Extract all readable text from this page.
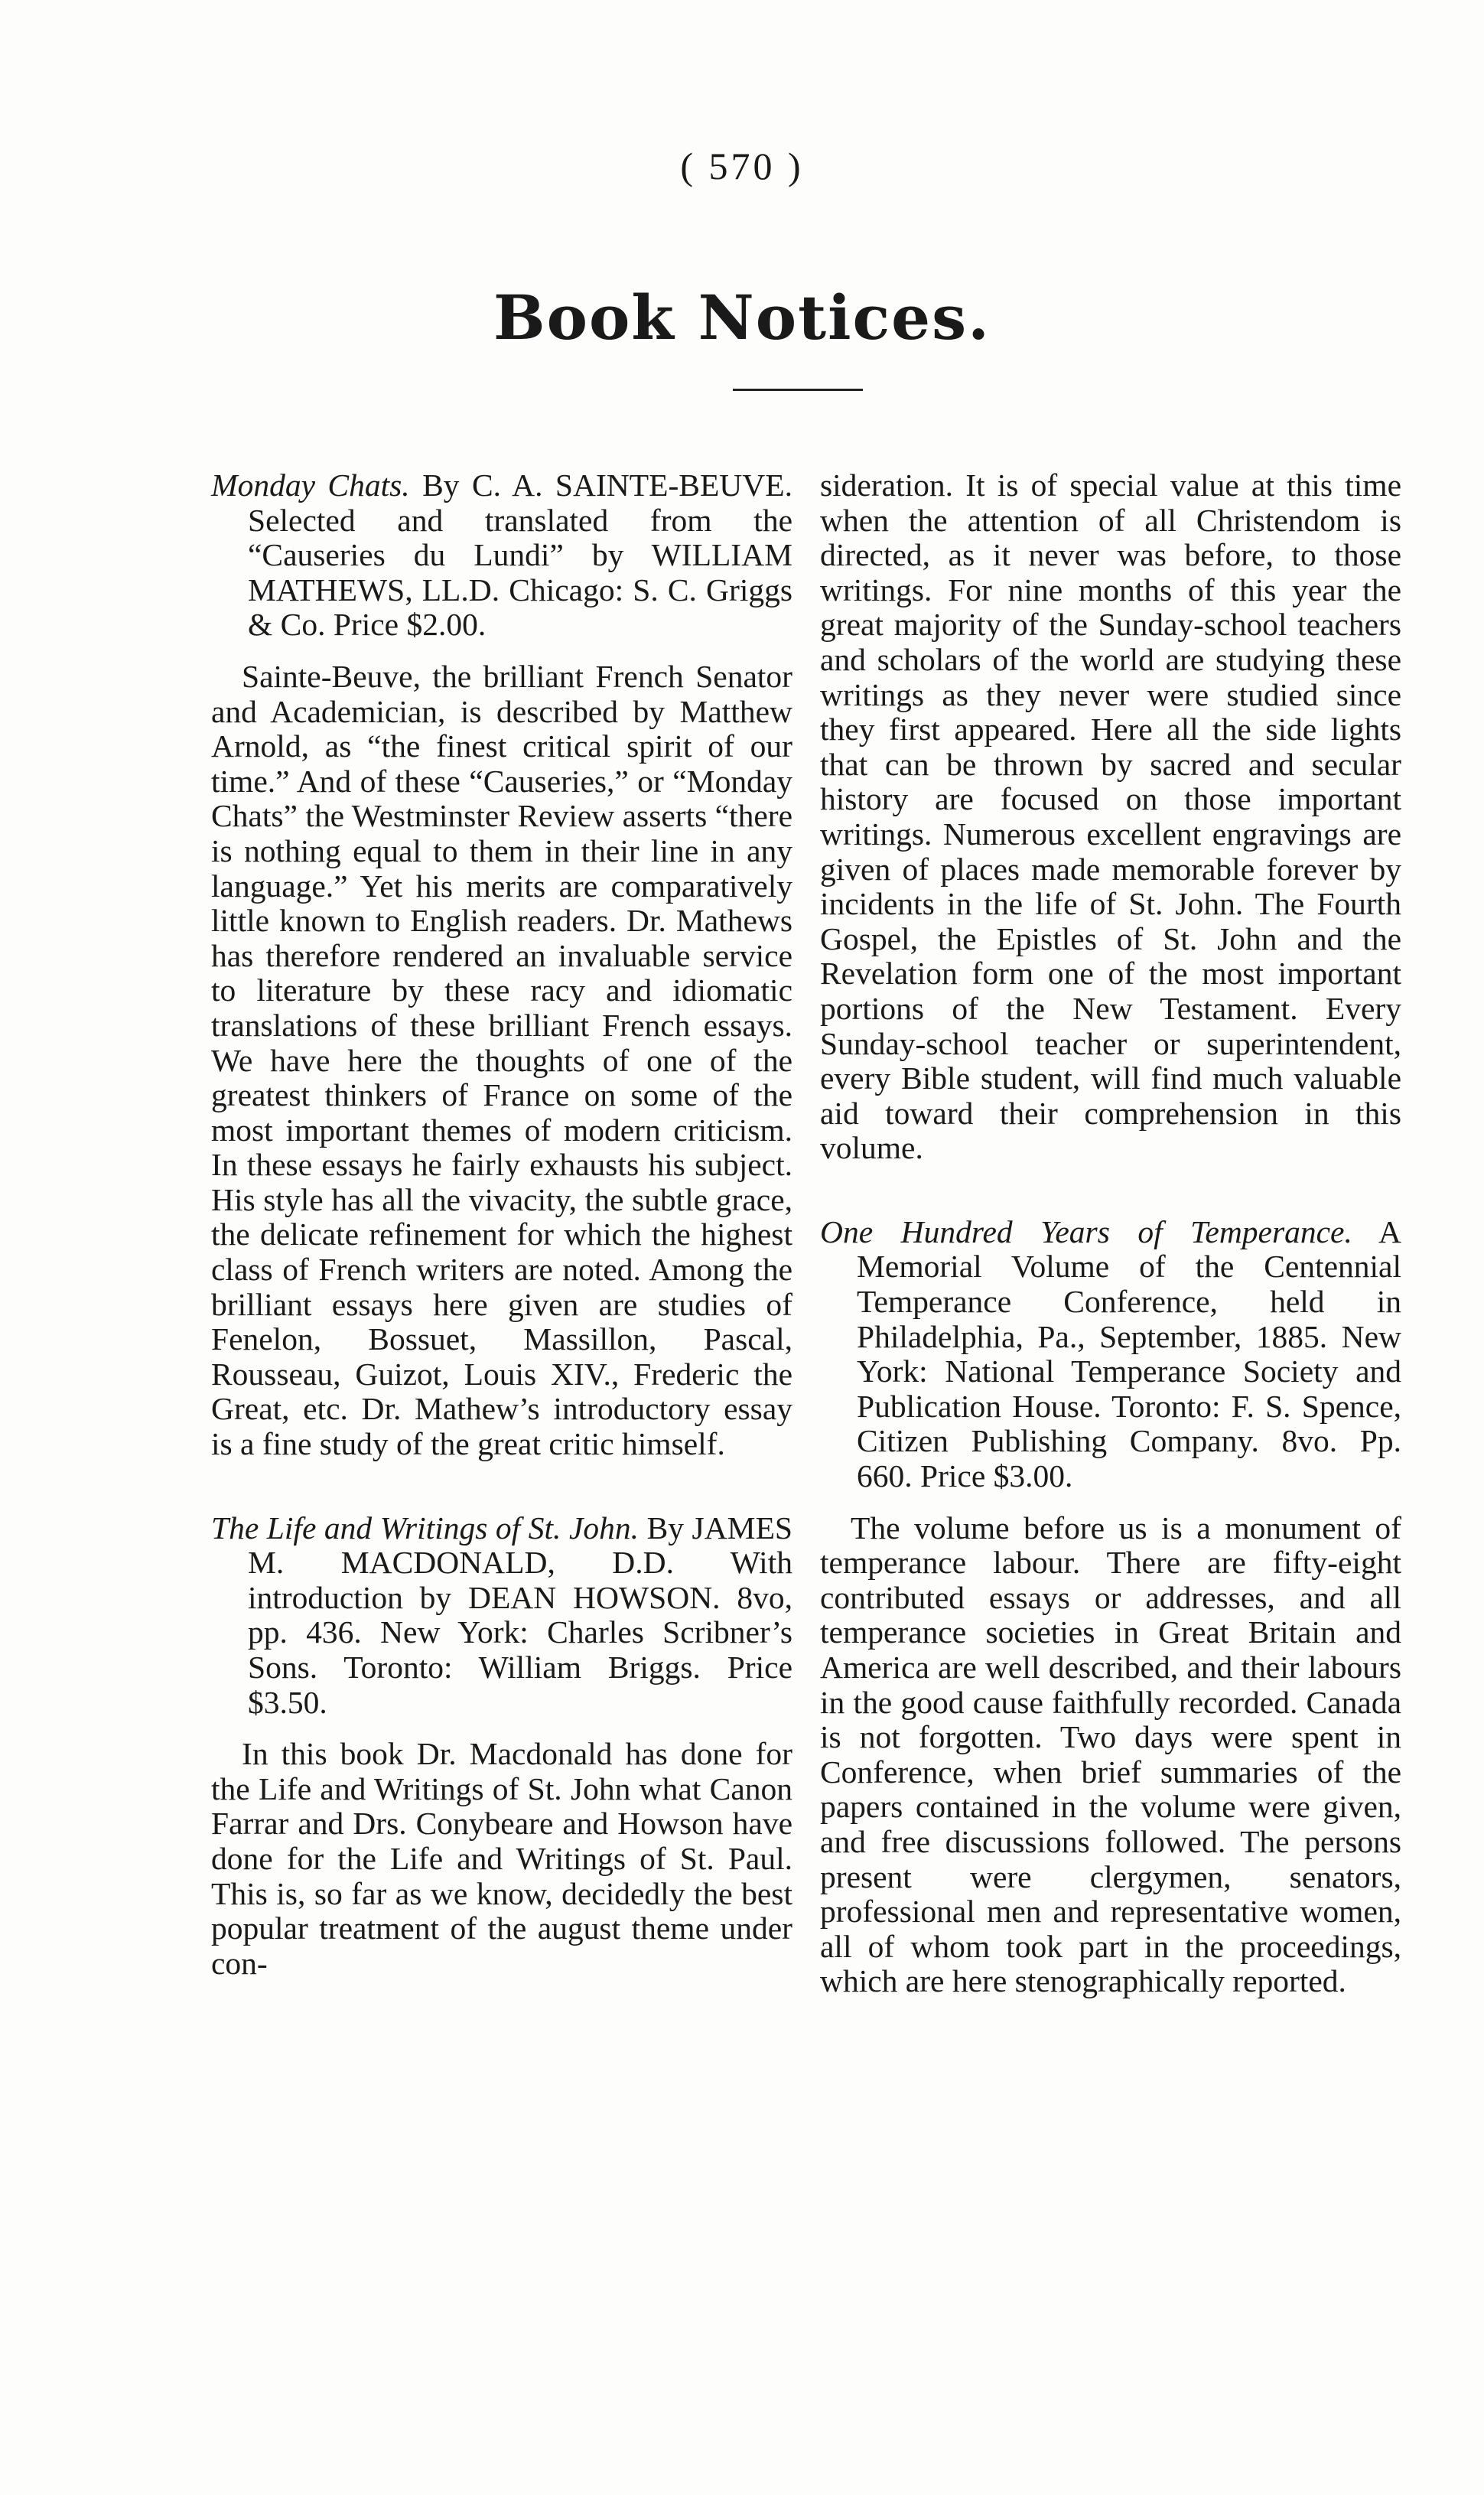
( 570 )
Book Notices.

Monday Chats. By C. A. SAINTE-BEUVE. Selected and translated from the “Causeries du Lundi” by WILLIAM MATHEWS, LL.D. Chicago: S. C. Griggs & Co. Price $2.00.

Sainte-Beuve, the brilliant French Senator and Academician, is described by Matthew Arnold, as “the finest critical spirit of our time.” And of these “Causeries,” or “Monday Chats” the Westminster Review asserts “there is nothing equal to them in their line in any language.” Yet his merits are comparatively little known to English readers. Dr. Mathews has therefore rendered an invaluable service to literature by these racy and idiomatic translations of these brilliant French essays. We have here the thoughts of one of the greatest thinkers of France on some of the most important themes of modern criticism. In these essays he fairly exhausts his subject. His style has all the vivacity, the subtle grace, the delicate refinement for which the highest class of French writers are noted. Among the brilliant essays here given are studies of Fenelon, Bossuet, Massillon, Pascal, Rousseau, Guizot, Louis XIV., Frederic the Great, etc. Dr. Mathew’s introductory essay is a fine study of the great critic himself.

The Life and Writings of St. John. By JAMES M. MACDONALD, D.D. With introduction by DEAN HOWSON. 8vo, pp. 436. New York: Charles Scribner’s Sons. Toronto: William Briggs. Price $3.50.

In this book Dr. Macdonald has done for the Life and Writings of St. John what Canon Farrar and Drs. Conybeare and Howson have done for the Life and Writings of St. Paul. This is, so far as we know, decidedly the best popular treatment of the august theme under con-

sideration. It is of special value at this time when the attention of all Christendom is directed, as it never was before, to those writings. For nine months of this year the great majority of the Sunday-school teachers and scholars of the world are studying these writings as they never were studied since they first appeared. Here all the side lights that can be thrown by sacred and secular history are focused on those important writings. Numerous excellent engravings are given of places made memorable forever by incidents in the life of St. John. The Fourth Gospel, the Epistles of St. John and the Revelation form one of the most important portions of the New Testament. Every Sunday-school teacher or superintendent, every Bible student, will find much valuable aid toward their comprehension in this volume.

One Hundred Years of Temperance. A Memorial Volume of the Centennial Temperance Conference, held in Philadelphia, Pa., September, 1885. New York: National Temperance Society and Publication House. Toronto: F. S. Spence, Citizen Publishing Company. 8vo. Pp. 660. Price $3.00.

The volume before us is a monument of temperance labour. There are fifty-eight contributed essays or addresses, and all temperance societies in Great Britain and America are well described, and their labours in the good cause faithfully recorded. Canada is not forgotten. Two days were spent in Conference, when brief summaries of the papers contained in the volume were given, and free discussions followed. The persons present were clergymen, senators, professional men and representative women, all of whom took part in the proceedings, which are here stenographically reported.
